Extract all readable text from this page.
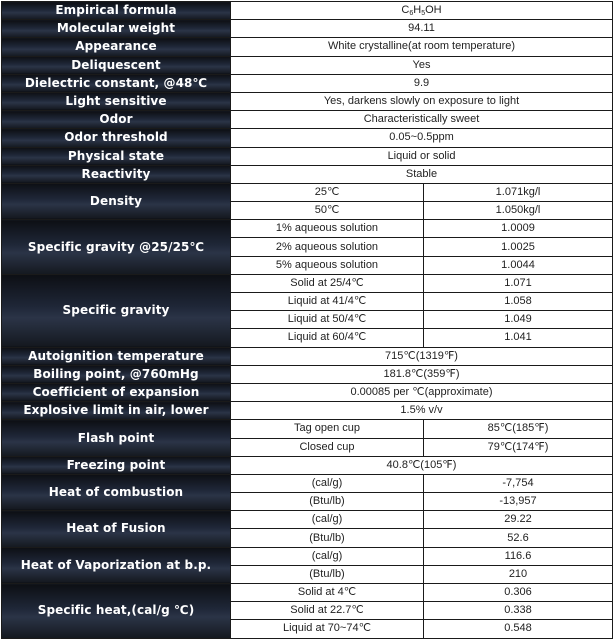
Empirical formula	$C_6H_5OH$	
Molecular weight	94.11	
Appearance	White crystalline(at room temperature)	
Deliquescent	Yes	
Dielectric constant, @48℃	9.9	
Light sensitive	Yes, darkens slowly on exposure to light	
Odor	Characteristically sweet	
Odor threshold	0.05~0.5ppm	
Physical state	Liquid or solid	
Reactivity	Stable	
Density	25℃	1.071kg/l
	50℃	1.050kg/l
Specific gravity @25/25℃	1% aqueous solution	1.0009
	2% aqueous solution	1.0025
	5% aqueous solution	1.0044
Specific gravity	Solid at 25/4℃	1.071
	Liquid at 41/4℃	1.058
	Liquid at 50/4℃	1.049
	Liquid at 60/4℃	1.041
Autoignition temperature	715℃(1319℉)	
Boiling point, @760mHg	181.8℃(359℉)	
Coefficient of expansion	0.00085 per ℃(approximate)	
Explosive limit in air, lower	1.5% v/v	
Flash point	Tag open cup	85℃(185℉)
	Closed cup	79℃(174℉)
Freezing point	40.8℃(105℉)	
Heat of combustion	(cal/g)	-7,754
	(Btu/lb)	-13,957
Heat of Fusion	(cal/g)	29.22
	(Btu/lb)	52.6
Heat of Vaporization at b.p.	(cal/g)	116.6
	(Btu/lb)	210
Specific heat,(cal/g ℃)	Solid at 4℃	0.306
	Solid at 22.7℃	0.338
	Liquid at 70~74℃	0.548
